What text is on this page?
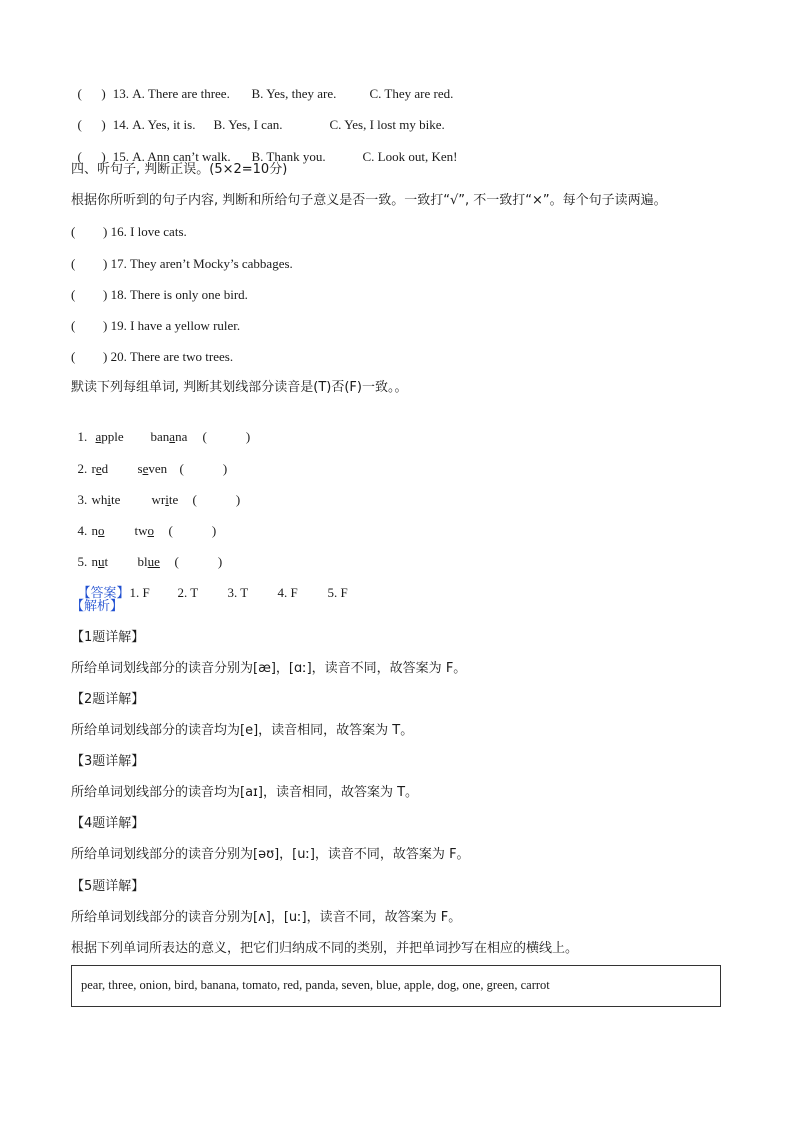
( ) 13. A. There are three. B. Yes, they are.	C. They are red.

( ) 14. A. Yes, it is. B. Yes, I can.	C. Yes, I lost my bike.

( ) 15. A. Ann can’t walk. B. Thank you.	C. Look out, Ken!

四、听句子, 判断正误。(5×2=10分)
根据你所听到的句子内容, 判断和所给句子意义是否一致。一致打“√”, 不一致打“×”。每个句子读两遍。
( ) 16. I love cats.
( ) 17. They aren’t Mocky’s cabbages.
( ) 18. There is only one bird.
( ) 19. I have a yellow ruler.
( ) 20. There are two trees.
默读下列每组单词, 判断其划线部分读音是(T)否(F)一致。。

1. apple banana (            )

2. red seven (            )

3. white write (            )

4. no two (            )

5. nut blue (            )

【答案】1. F 2. T 3. T 4. F 5. F

【解析】
【1题详解】
所给单词划线部分的读音分别为[æ]，[ɑː]，读音不同，故答案为 F。
【2题详解】
所给单词划线部分的读音均为[e]，读音相同，故答案为 T。
【3题详解】
所给单词划线部分的读音均为[aɪ]，读音相同，故答案为 T。
【4题详解】
所给单词划线部分的读音分别为[əʊ]，[uː]，读音不同，故答案为 F。
【5题详解】
所给单词划线部分的读音分别为[ʌ]，[uː]，读音不同，故答案为 F。
根据下列单词所表达的意义，把它们归纳成不同的类别，并把单词抄写在相应的横线上。
pear, three, onion, bird, banana, tomato, red, panda, seven, blue, apple, dog, one, green, carrot
